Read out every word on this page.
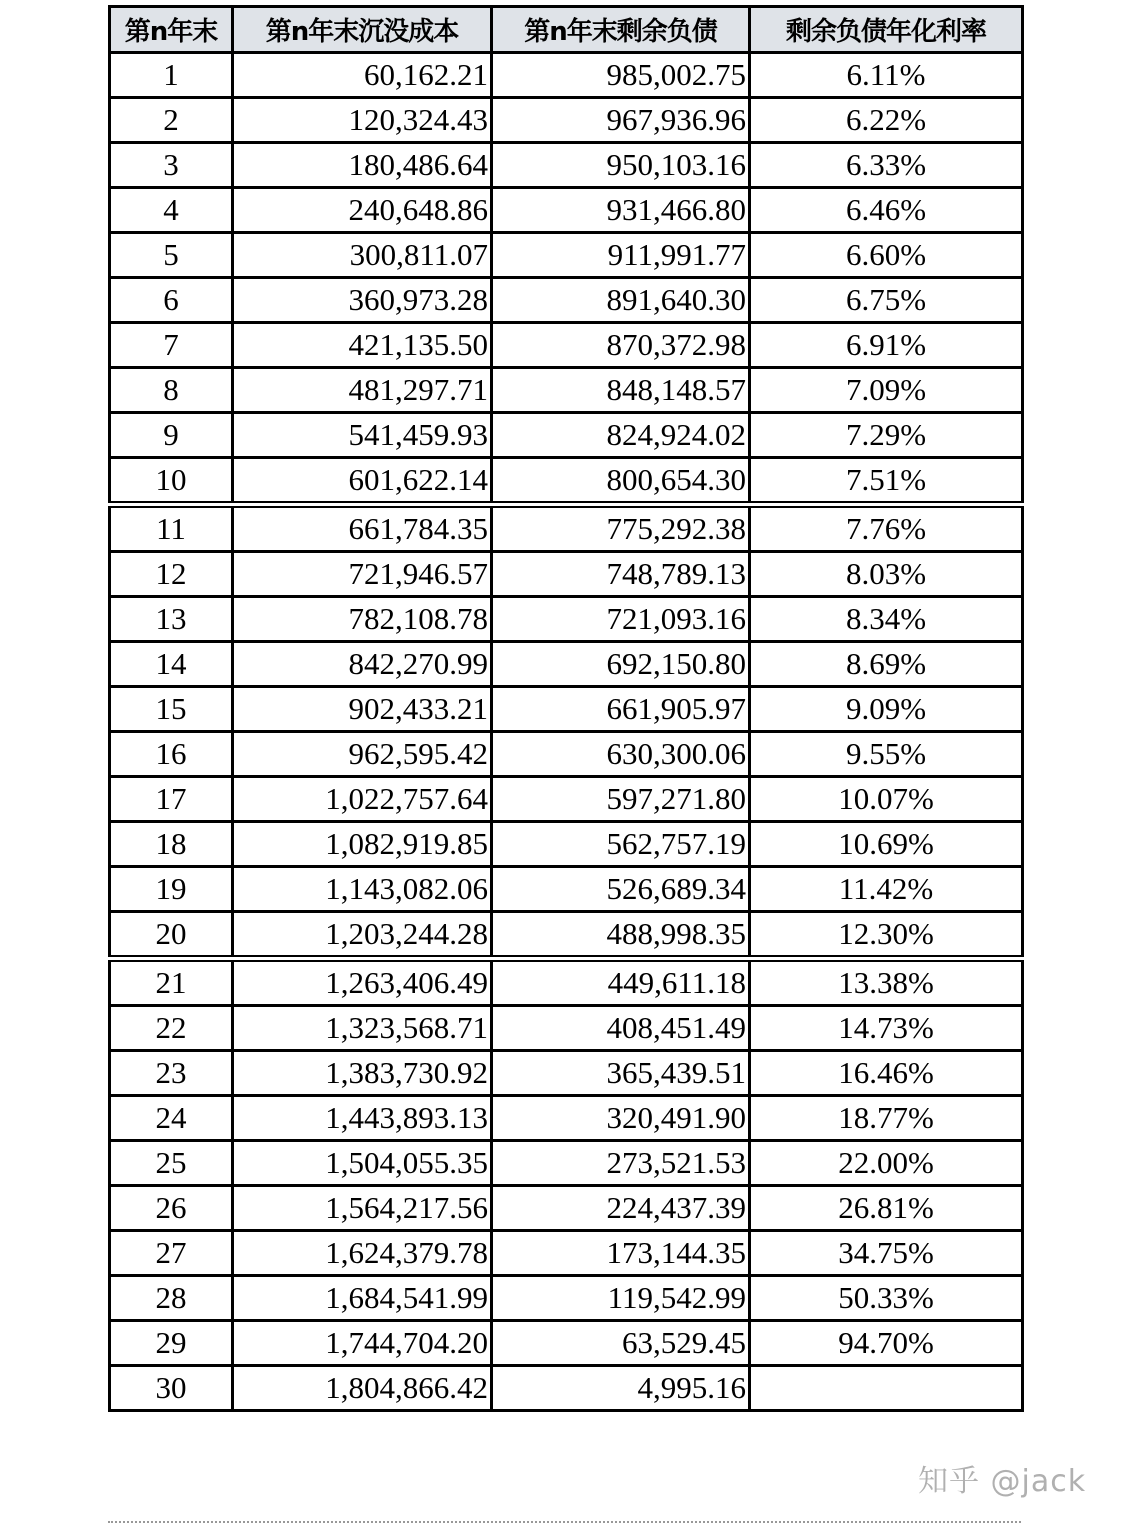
第n年末	第n年末沉没成本	第n年末剩余负债	剩余负债年化利率
1	60,162.21	985,002.75	6.11%
2	120,324.43	967,936.96	6.22%
3	180,486.64	950,103.16	6.33%
4	240,648.86	931,466.80	6.46%
5	300,811.07	911,991.77	6.60%
6	360,973.28	891,640.30	6.75%
7	421,135.50	870,372.98	6.91%
8	481,297.71	848,148.57	7.09%
9	541,459.93	824,924.02	7.29%
10	601,622.14	800,654.30	7.51%
11	661,784.35	775,292.38	7.76%
12	721,946.57	748,789.13	8.03%
13	782,108.78	721,093.16	8.34%
14	842,270.99	692,150.80	8.69%
15	902,433.21	661,905.97	9.09%
16	962,595.42	630,300.06	9.55%
17	1,022,757.64	597,271.80	10.07%
18	1,082,919.85	562,757.19	10.69%
19	1,143,082.06	526,689.34	11.42%
20	1,203,244.28	488,998.35	12.30%
21	1,263,406.49	449,611.18	13.38%
22	1,323,568.71	408,451.49	14.73%
23	1,383,730.92	365,439.51	16.46%
24	1,443,893.13	320,491.90	18.77%
25	1,504,055.35	273,521.53	22.00%
26	1,564,217.56	224,437.39	26.81%
27	1,624,379.78	173,144.35	34.75%
28	1,684,541.99	119,542.99	50.33%
29	1,744,704.20	63,529.45	94.70%
30	1,804,866.42	4,995.16	
知乎 @jack
